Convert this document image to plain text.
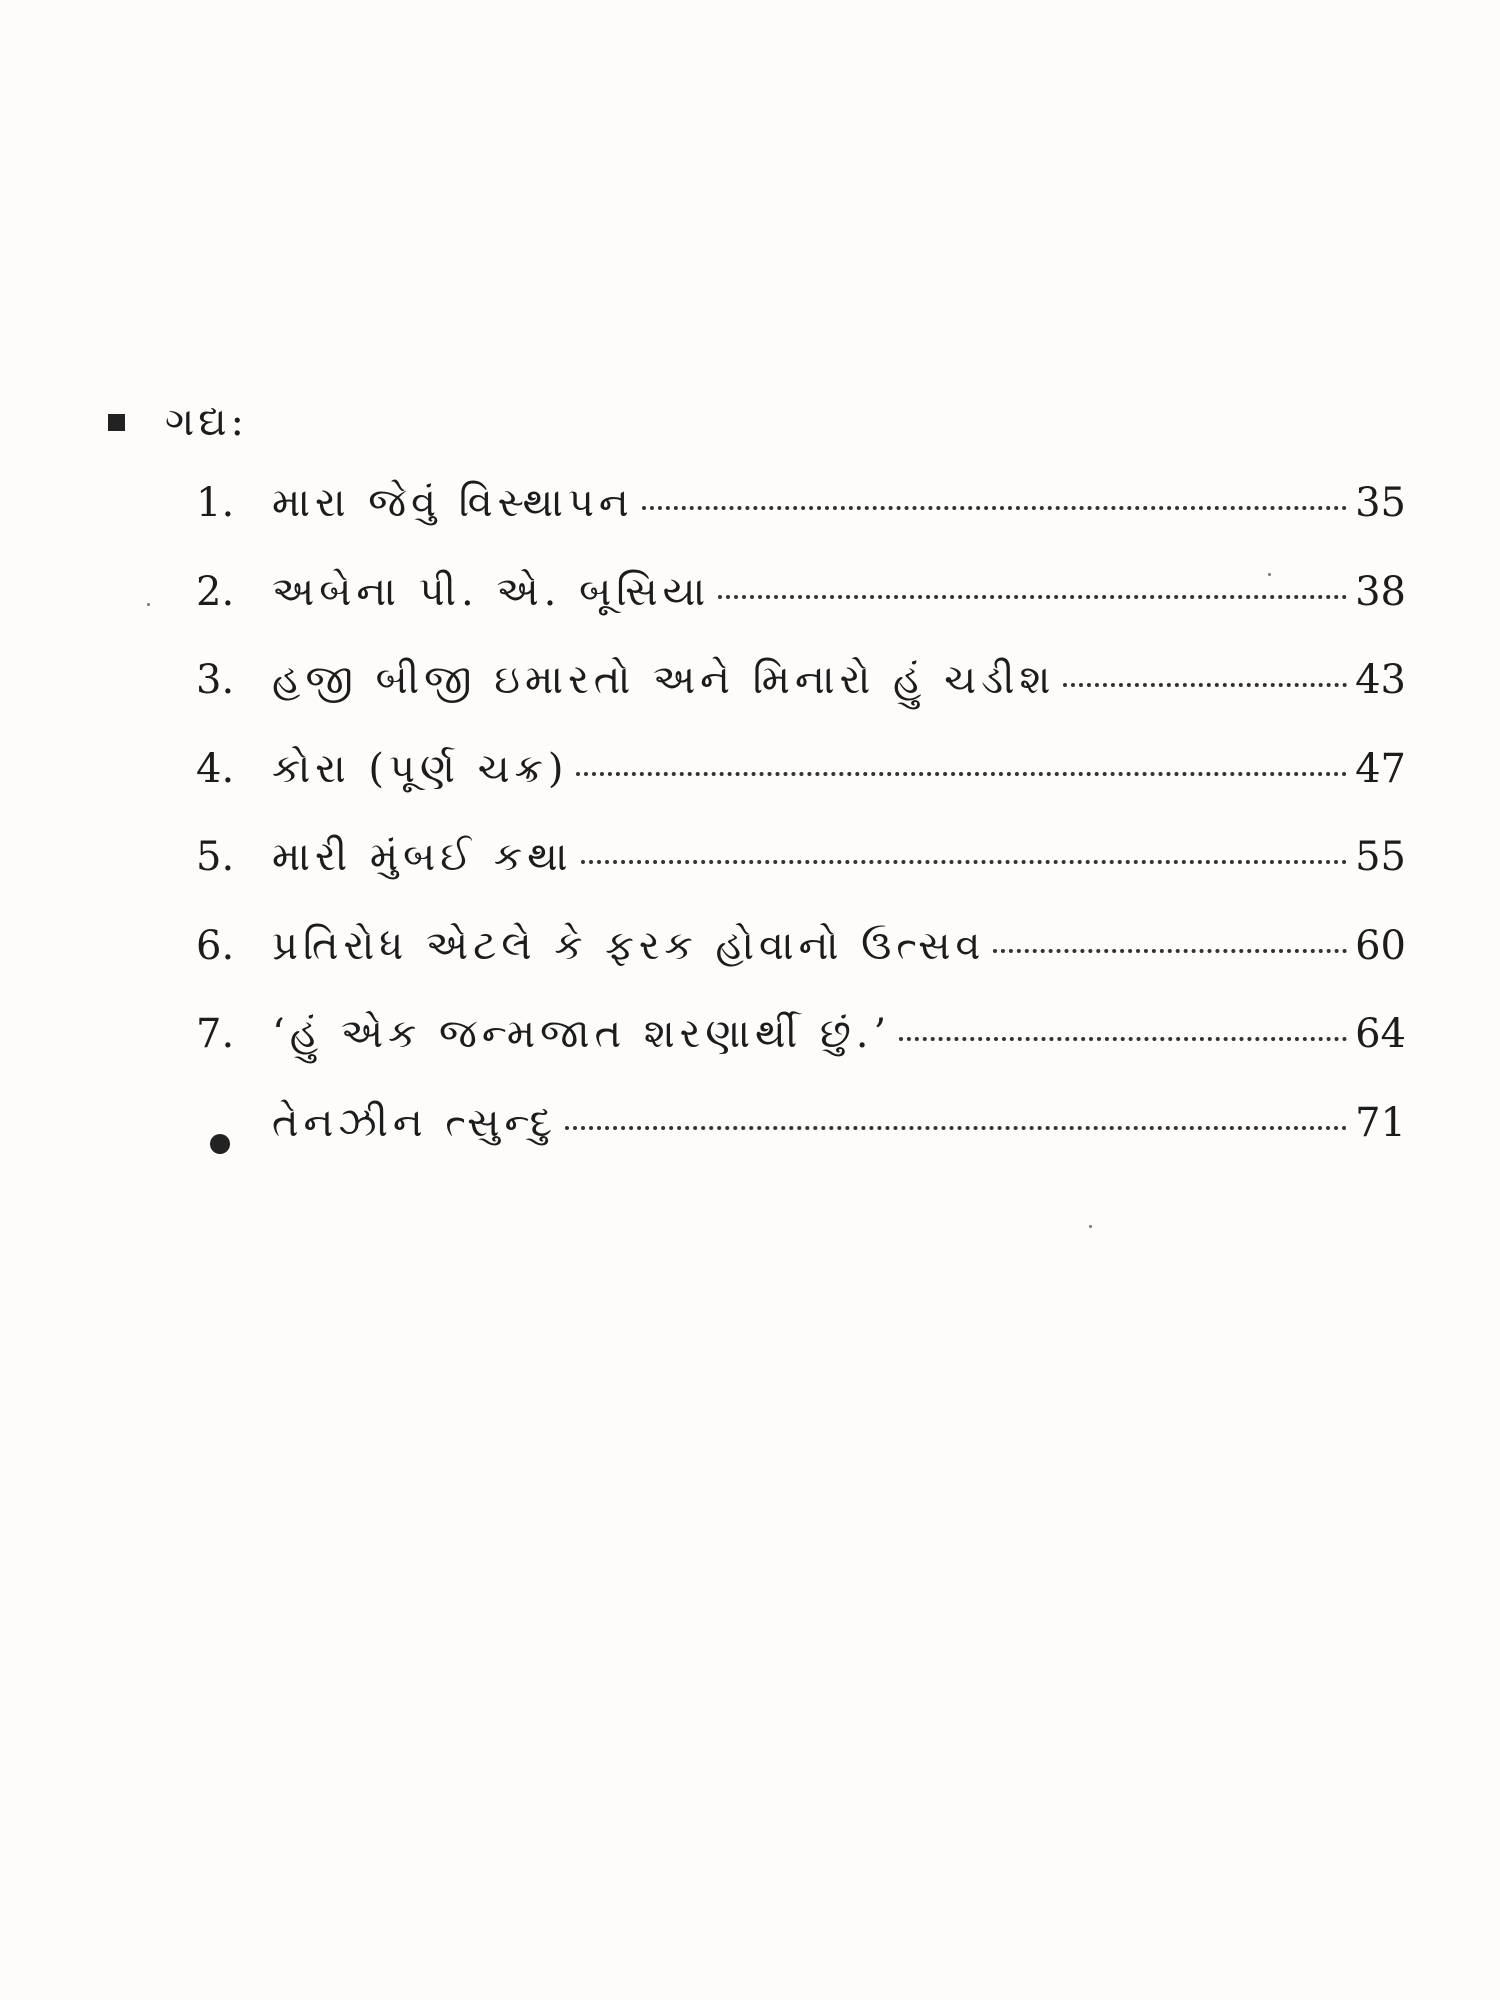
ગદ્ય:
1. મારા જેવું વિસ્થાપન	35
2. અબેના પી. એ. બૂસિયા	38
3. હજી બીજી ઇમારતો અને મિનારો હું ચડીશ	43
4. કોરા (પૂર્ણ ચક્ર)	47
5. મારી મુંબઈ કથા	55
6. પ્રતિરોધ એટલે કે ફરક હોવાનો ઉત્સવ	60
7. ‘હું એક જન્મજાત શરણાર્થી છું.’	64
તેનઝીન ત્સુન્દુ	71
